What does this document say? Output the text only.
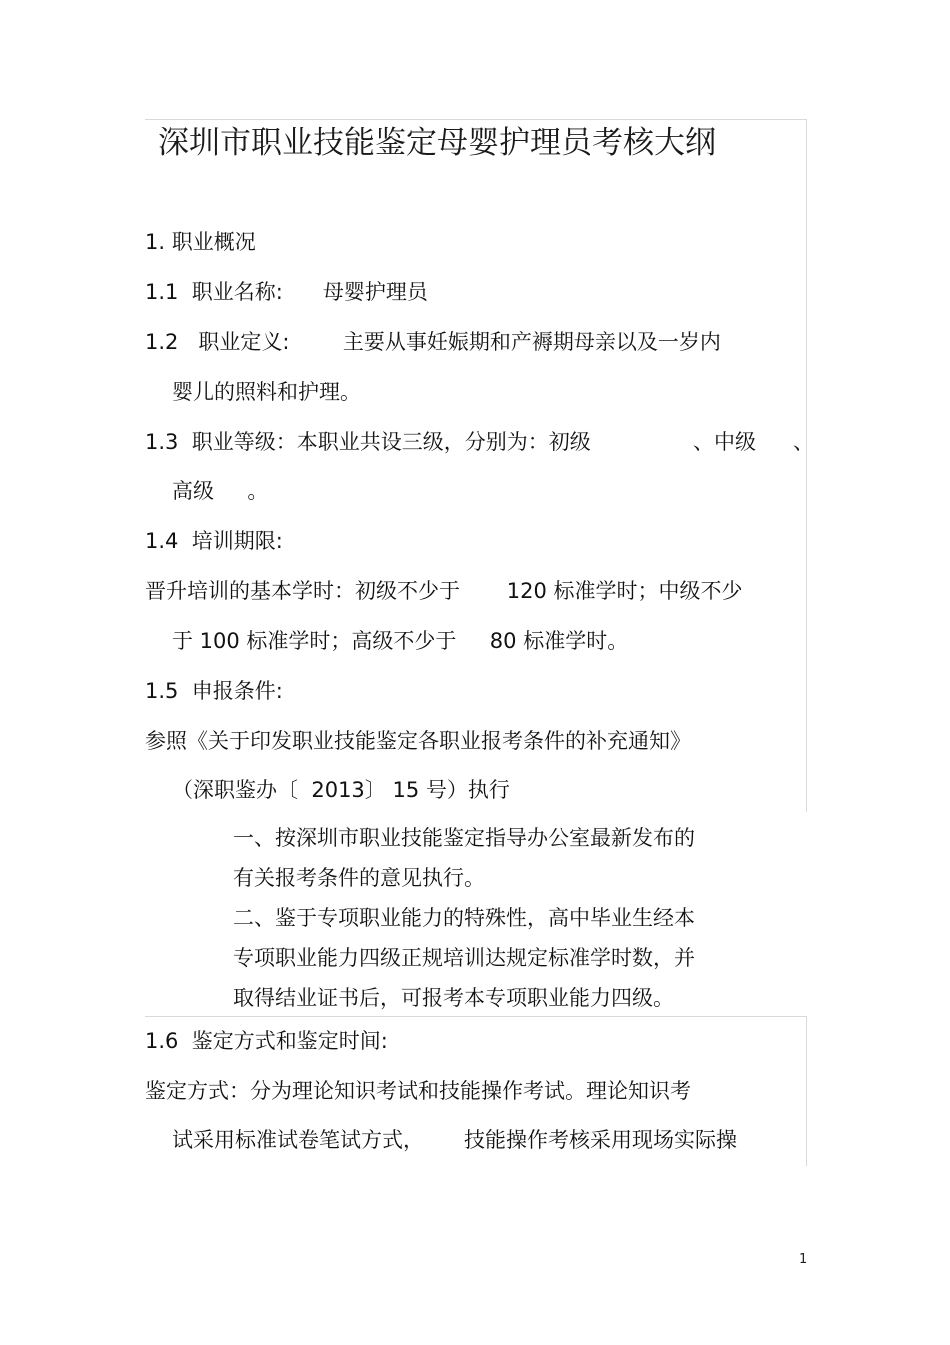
深圳市职业技能鉴定母婴护理员考核大纲
1. 职业概况
1.1  职业名称:      母婴护理员
1.2   职业定义:        主要从事妊娠期和产褥期母亲以及一岁内
婴儿的照料和护理。
1.3  职业等级：本职业共设三级，分别为：初级	、中级 、
高级     。
1.4  培训期限:
晋升培训的基本学时：初级不少于       120 标准学时；中级不少
于 100 标准学时；高级不少于     80 标准学时。
1.5  申报条件:
参照《关于印发职业技能鉴定各职业报考条件的补充通知》
（深职鉴办〔  2013〕 15 号）执行
一、按深圳市职业技能鉴定指导办公室最新发布的
有关报考条件的意见执行。
二、鉴于专项职业能力的特殊性，高中毕业生经本
专项职业能力四级正规培训达规定标准学时数，并
取得结业证书后，可报考本专项职业能力四级。
1.6  鉴定方式和鉴定时间:
鉴定方式：分为理论知识考试和技能操作考试。理论知识考
试采用标准试卷笔试方式，      技能操作考核采用现场实际操
1
